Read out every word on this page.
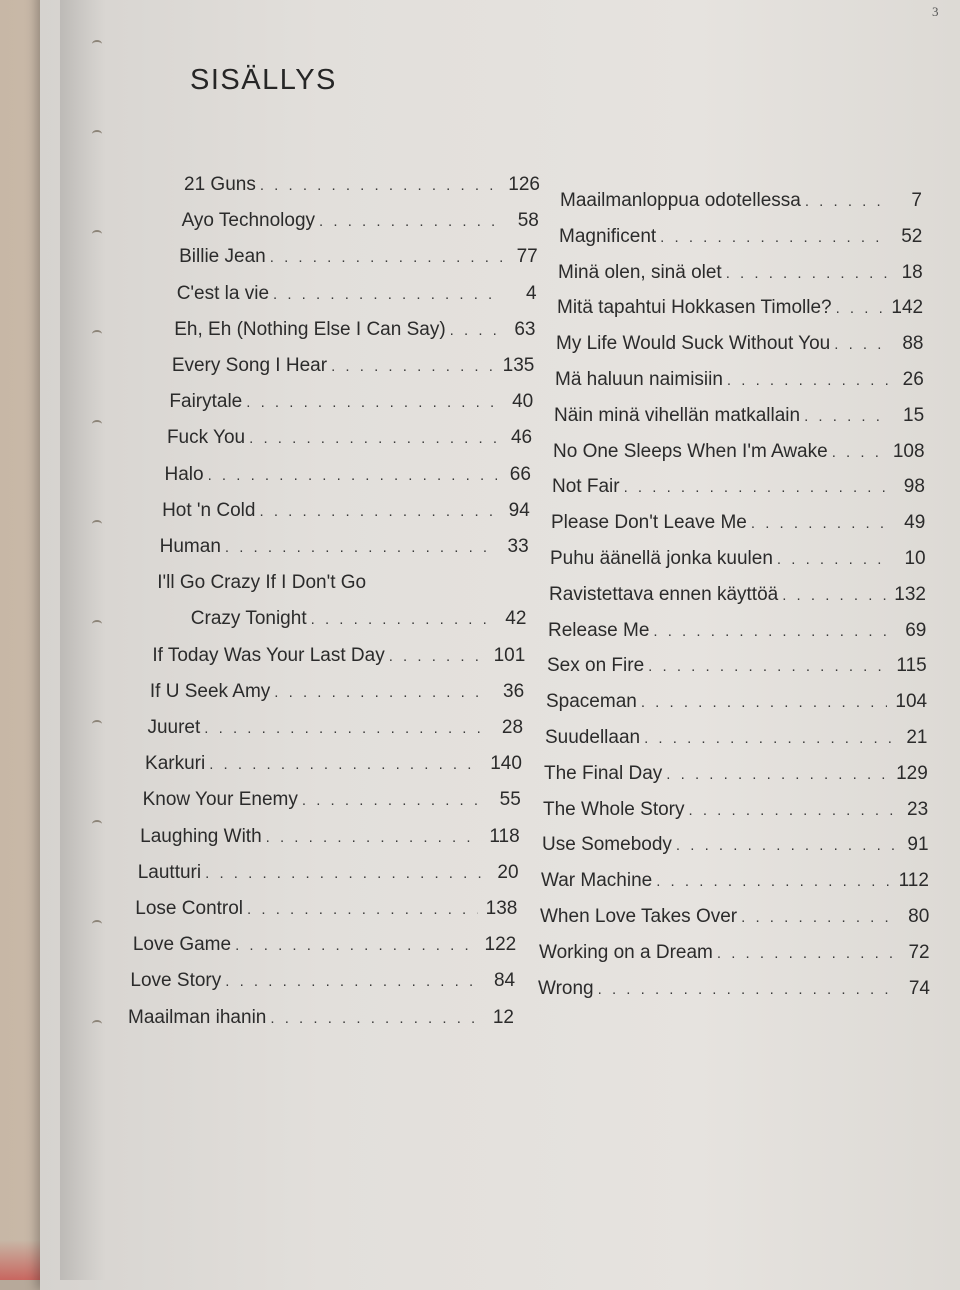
3
SISÄLLYS
21 Guns . . .	126
Ayo Technology . . .	58
Billie Jean . . .	77
C'est la vie . . .	4
Eh, Eh (Nothing Else I Can Say) . . .	63
Every Song I Hear . . .	135
Fairytale . . .	40
Fuck You . . .	46
Halo . . .	66
Hot 'n Cold . . .	94
Human . . .	33
I'll Go Crazy If I Don't Go
Crazy Tonight . . .	42
If Today Was Your Last Day . . .	101
If U Seek Amy . . .	36
Juuret . . .	28
Karkuri . . .	140
Know Your Enemy . . .	55
Laughing With . . .	118
Lautturi . . .	20
Lose Control . . .	138
Love Game . . .	122
Love Story . . .	84
Maailman ihanin . . .	12
Maailmanloppua odotellessa . . .	7
Magnificent . . .	52
Minä olen, sinä olet . . .	18
Mitä tapahtui Hokkasen Timolle? . . .	142
My Life Would Suck Without You . . .	88
Mä haluun naimisiin . . .	26
Näin minä vihellän matkallain . . .	15
No One Sleeps When I'm Awake . . .	108
Not Fair . . .	98
Please Don't Leave Me . . .	49
Puhu äänellä jonka kuulen . . .	10
Ravistettava ennen käyttöä . . .	132
Release Me . . .	69
Sex on Fire . . .	115
Spaceman . . .	104
Suudellaan . . .	21
The Final Day . . .	129
The Whole Story . . .	23
Use Somebody . . .	91
War Machine . . .	112
When Love Takes Over . . .	80
Working on a Dream . . .	72
Wrong . . .	74
